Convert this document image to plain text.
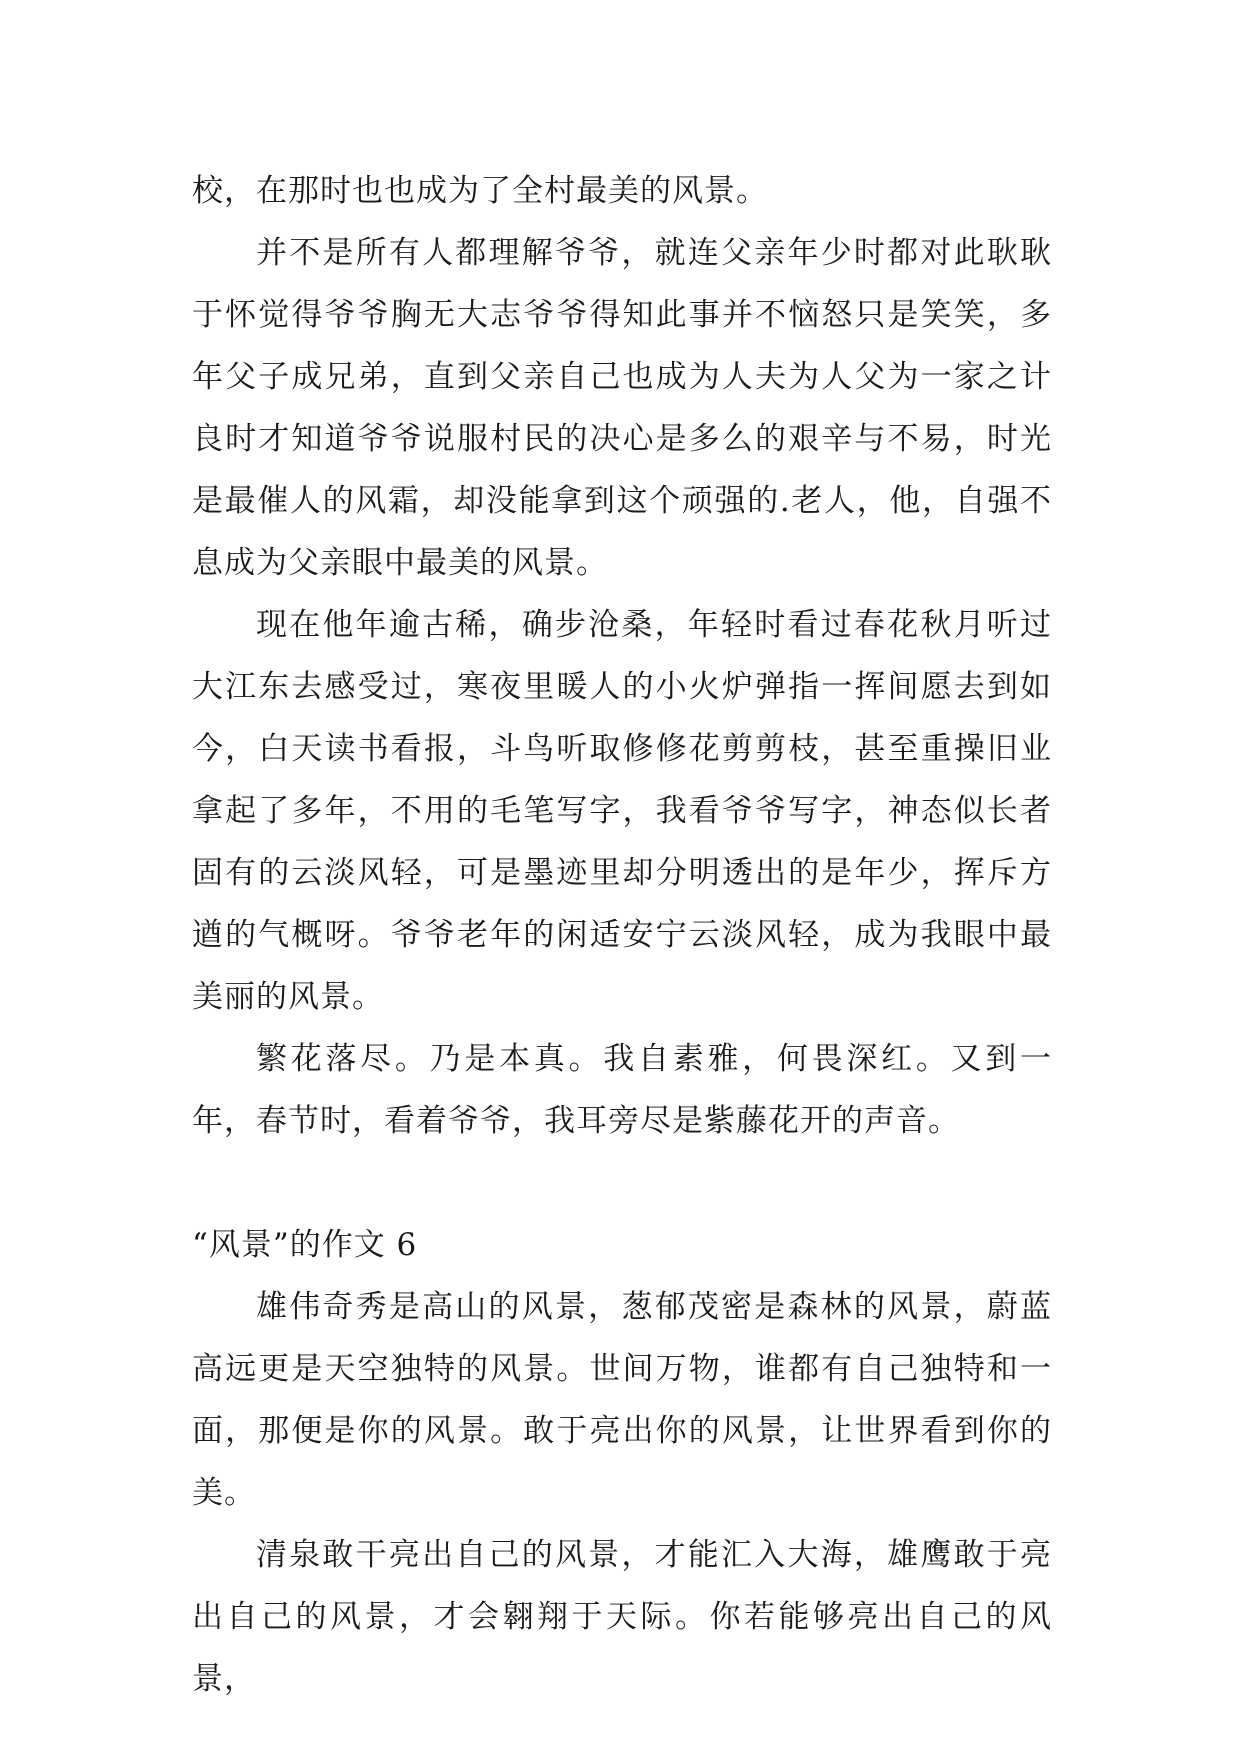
校，在那时也也成为了全村最美的风景。

并不是所有人都理解爷爷，就连父亲年少时都对此耿耿于怀觉得爷爷胸无大志爷爷得知此事并不恼怒只是笑笑，多年父子成兄弟，直到父亲自己也成为人夫为人父为一家之计良时才知道爷爷说服村民的决心是多么的艰辛与不易，时光是最催人的风霜，却没能拿到这个顽强的.老人，他，自强不息成为父亲眼中最美的风景。

现在他年逾古稀，确步沧桑，年轻时看过春花秋月听过大江东去感受过，寒夜里暖人的小火炉弹指一挥间愿去到如今，白天读书看报，斗鸟听取修修花剪剪枝，甚至重操旧业拿起了多年，不用的毛笔写字，我看爷爷写字，神态似长者固有的云淡风轻，可是墨迹里却分明透出的是年少，挥斥方遒的气概呀。爷爷老年的闲适安宁云淡风轻，成为我眼中最美丽的风景。

繁花落尽。乃是本真。我自素雅，何畏深红。又到一年，春节时，看着爷爷，我耳旁尽是紫藤花开的声音。

“风景”的作文 6

雄伟奇秀是高山的风景，葱郁茂密是森林的风景，蔚蓝高远更是天空独特的风景。世间万物，谁都有自己独特和一面，那便是你的风景。敢于亮出你的风景，让世界看到你的美。

清泉敢干亮出自己的风景，才能汇入大海，雄鹰敢于亮出自己的风景，才会翱翔于天际。你若能够亮出自己的风景，
